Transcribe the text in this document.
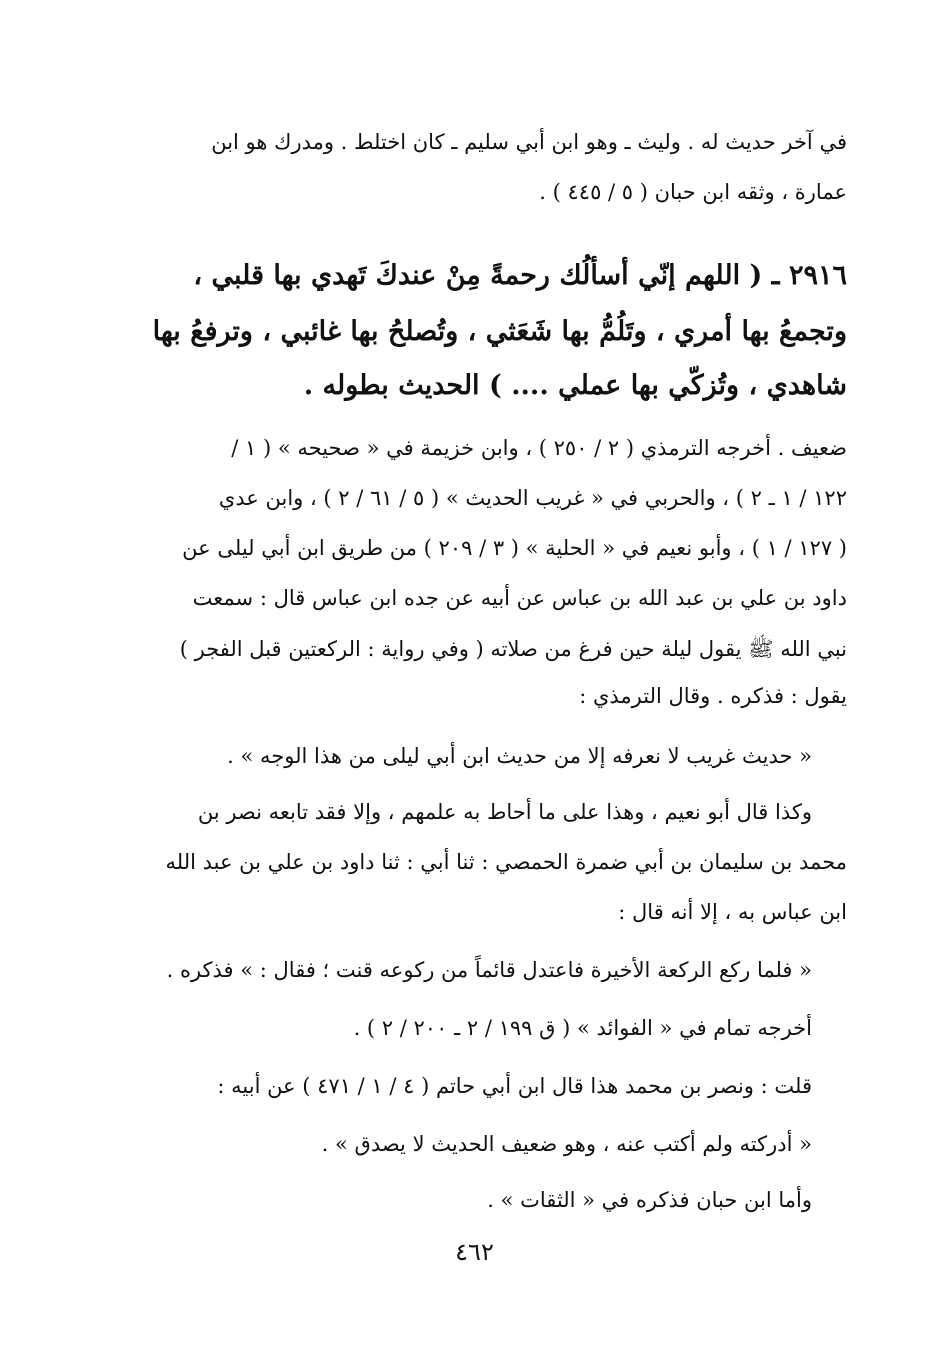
في آخر حديث له . وليث ـ وهو ابن أبي سليم ـ كان اختلط . ومدرك هو ابن
عمارة ، وثقه ابن حبان ( ٥ / ٤٤٥ ) .
٢٩١٦ ـ ( اللهم إنّي أسألُك رحمةً مِنْ عندكَ تَهدي بها قلبي ،
وتجمعُ بها أمري ، وتَلُمُّ بها شَعَثي ، وتُصلحُ بها غائبي ، وترفعُ بها
شاهدي ، وتُزكّي بها عملي .... ) الحديث بطوله .
ضعيف . أخرجه الترمذي ( ٢ / ٢٥٠ ) ، وابن خزيمة في « صحيحه » ( ١ /
١٢٢ / ١ ـ ٢ ) ، والحربي في « غريب الحديث » ( ٥ / ٦١ / ٢ ) ، وابن عدي
( ١٢٧ / ١ ) ، وأبو نعيم في « الحلية » ( ٣ / ٢٠٩ ) من طريق ابن أبي ليلى عن
داود بن علي بن عبد الله بن عباس عن أبيه عن جده ابن عباس قال : سمعت
نبي الله ﷺ يقول ليلة حين فرغ من صلاته ( وفي رواية : الركعتين قبل الفجر )
يقول : فذكره . وقال الترمذي :
« حديث غريب لا نعرفه إلا من حديث ابن أبي ليلى من هذا الوجه » .
وكذا قال أبو نعيم ، وهذا على ما أحاط به علمهم ، وإلا فقد تابعه نصر بن
محمد بن سليمان بن أبي ضمرة الحمصي : ثنا أبي : ثنا داود بن علي بن عبد الله
ابن عباس به ، إلا أنه قال :
« فلما ركع الركعة الأخيرة فاعتدل قائماً من ركوعه قنت ؛ فقال : » فذكره .
أخرجه تمام في « الفوائد » ( ق ١٩٩ / ٢ ـ ٢٠٠ / ٢ ) .
قلت : ونصر بن محمد هذا قال ابن أبي حاتم ( ٤ / ١ / ٤٧١ ) عن أبيه :
« أدركته ولم أكتب عنه ، وهو ضعيف الحديث لا يصدق » .
وأما ابن حبان فذكره في « الثقات » .
٤٦٢
